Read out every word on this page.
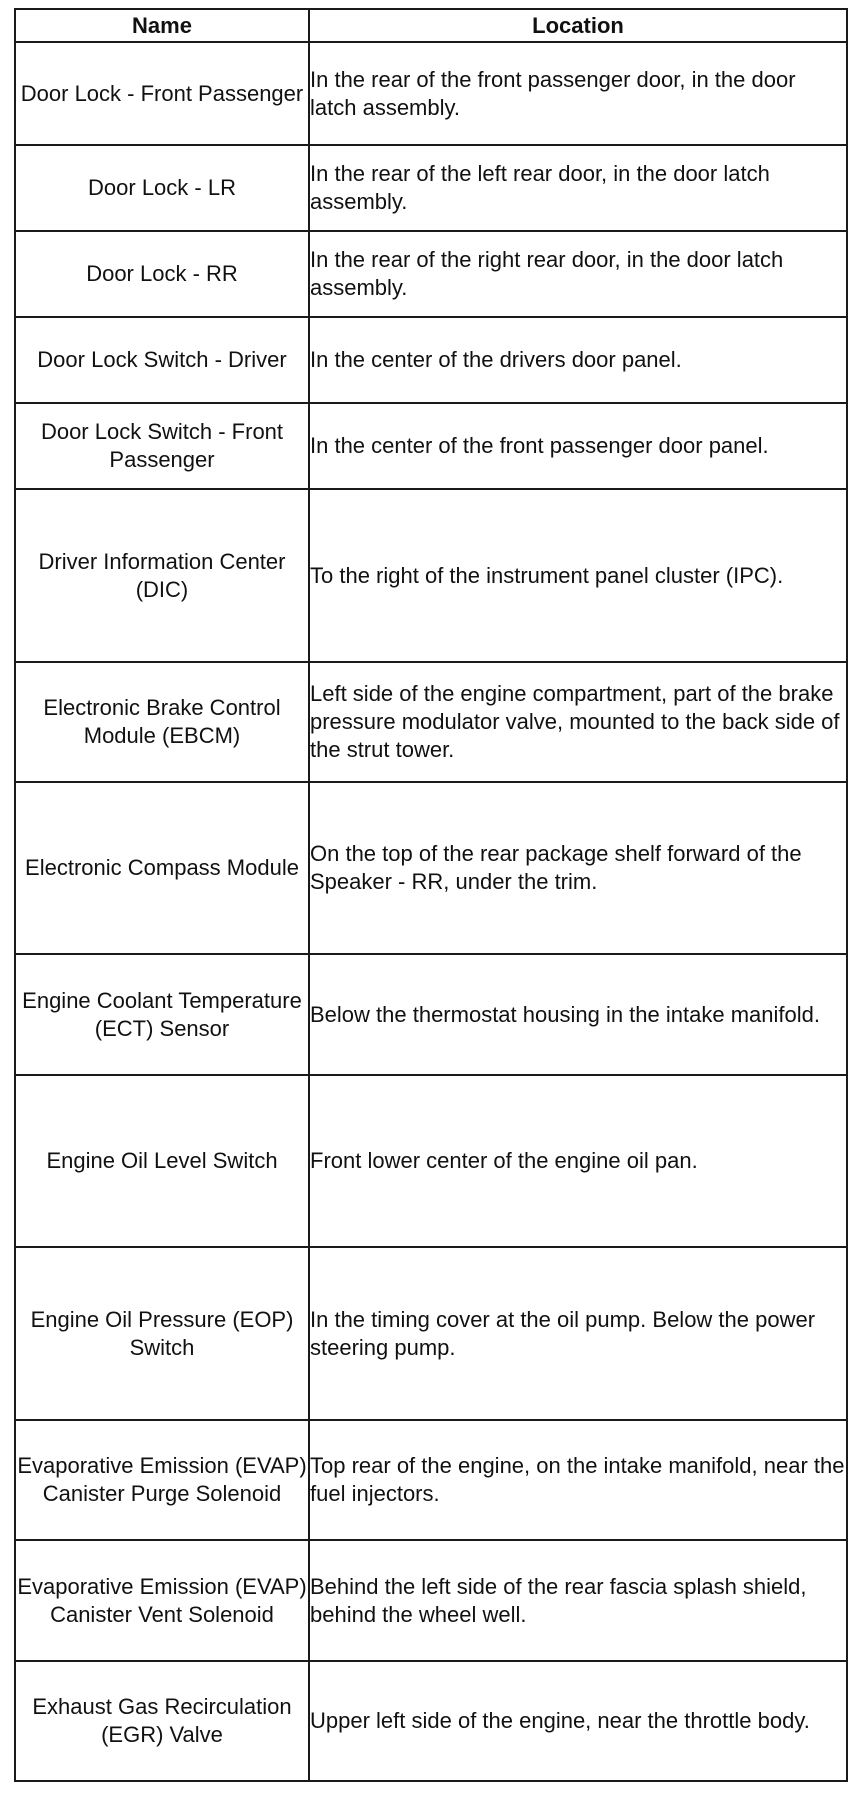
Name	Location
Door Lock - Front Passenger	In the rear of the front passenger door, in the door latch assembly.
Door Lock - LR	In the rear of the left rear door, in the door latch assembly.
Door Lock - RR	In the rear of the right rear door, in the door latch assembly.
Door Lock Switch - Driver	In the center of the drivers door panel.
Door Lock Switch - Front Passenger	In the center of the front passenger door panel.
Driver Information Center (DIC)	To the right of the instrument panel cluster (IPC).
Electronic Brake Control Module (EBCM)	Left side of the engine compartment, part of the brake pressure modulator valve, mounted to the back side of the strut tower.
Electronic Compass Module	On the top of the rear package shelf forward of the Speaker - RR, under the trim.
Engine Coolant Temperature (ECT) Sensor	Below the thermostat housing in the intake manifold.
Engine Oil Level Switch	Front lower center of the engine oil pan.
Engine Oil Pressure (EOP) Switch	In the timing cover at the oil pump. Below the power steering pump.
Evaporative Emission (EVAP) Canister Purge Solenoid	Top rear of the engine, on the intake manifold, near the fuel injectors.
Evaporative Emission (EVAP) Canister Vent Solenoid	Behind the left side of the rear fascia splash shield, behind the wheel well.
Exhaust Gas Recirculation (EGR) Valve	Upper left side of the engine, near the throttle body.
